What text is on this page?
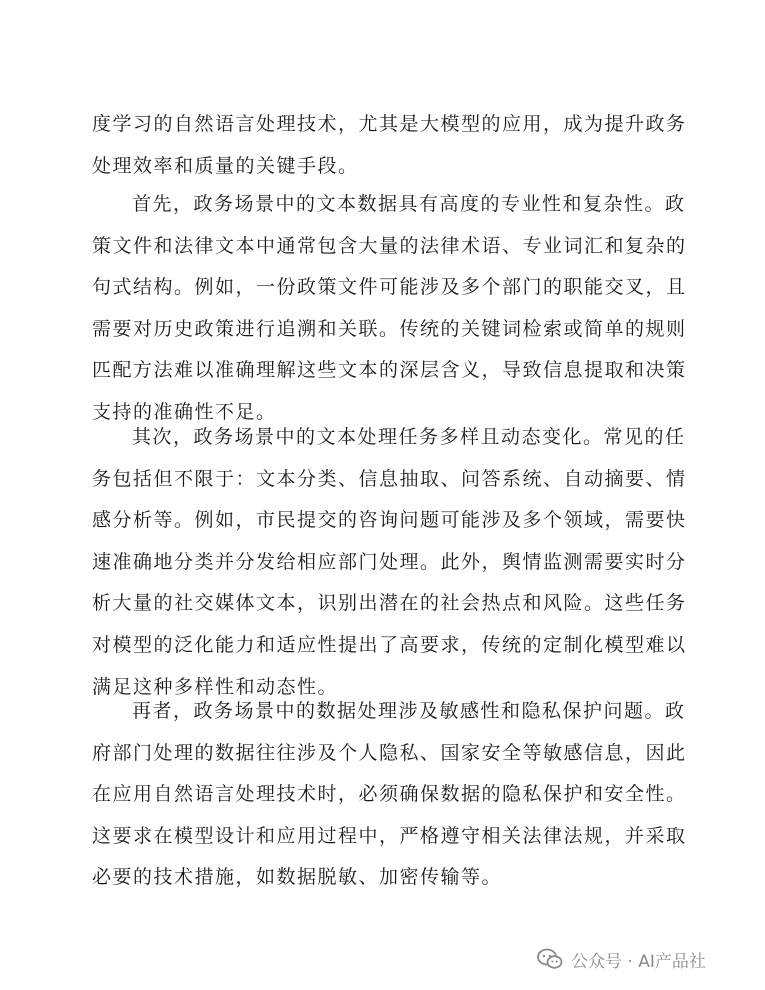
度学习的自然语言处理技术，尤其是大模型的应用，成为提升政务
处理效率和质量的关键手段。
首先，政务场景中的文本数据具有高度的专业性和复杂性。政
策文件和法律文本中通常包含大量的法律术语、专业词汇和复杂的
句式结构。例如，一份政策文件可能涉及多个部门的职能交叉，且
需要对历史政策进行追溯和关联。传统的关键词检索或简单的规则
匹配方法难以准确理解这些文本的深层含义，导致信息提取和决策
支持的准确性不足。
其次，政务场景中的文本处理任务多样且动态变化。常见的任
务包括但不限于：文本分类、信息抽取、问答系统、自动摘要、情
感分析等。例如，市民提交的咨询问题可能涉及多个领域，需要快
速准确地分类并分发给相应部门处理。此外，舆情监测需要实时分
析大量的社交媒体文本，识别出潜在的社会热点和风险。这些任务
对模型的泛化能力和适应性提出了高要求，传统的定制化模型难以
满足这种多样性和动态性。
再者，政务场景中的数据处理涉及敏感性和隐私保护问题。政
府部门处理的数据往往涉及个人隐私、国家安全等敏感信息，因此
在应用自然语言处理技术时，必须确保数据的隐私保护和安全性。
这要求在模型设计和应用过程中，严格遵守相关法律法规，并采取
必要的技术措施，如数据脱敏、加密传输等。
公众号 · AI产品社
